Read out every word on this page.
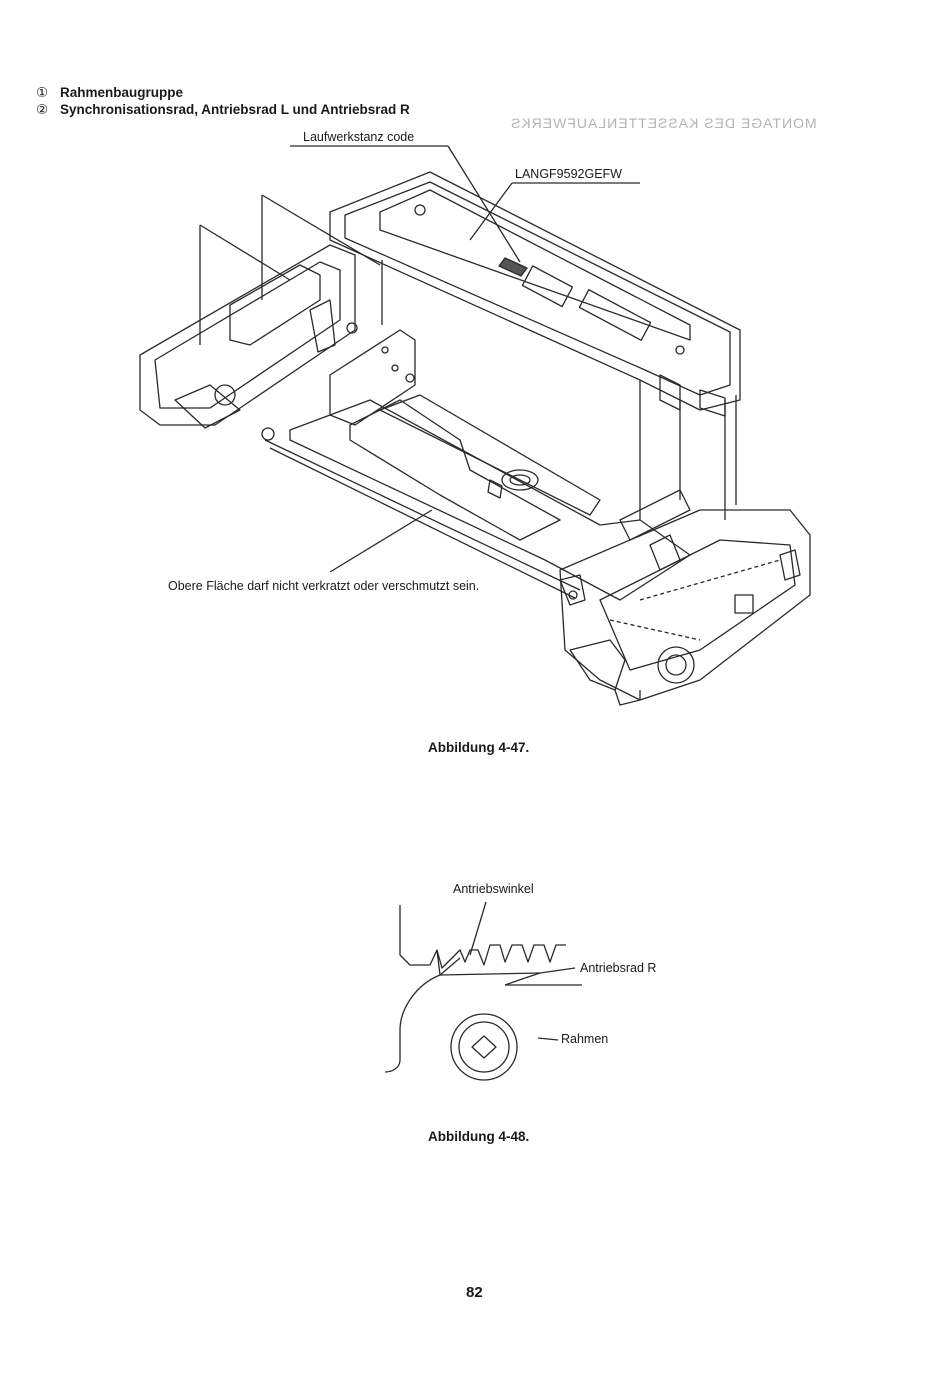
① Rahmenbaugruppe
② Synchronisationsrad, Antriebsrad L und Antriebsrad R
MONTAGE DES KASSETTENLAUFWERKS
Laufwerkstanz code
LANGF9592GEFW
Obere Fläche darf nicht verkratzt oder verschmutzt sein.
Abbildung 4-47.
Antriebswinkel
Antriebsrad R
Rahmen
Abbildung 4-48.
82
